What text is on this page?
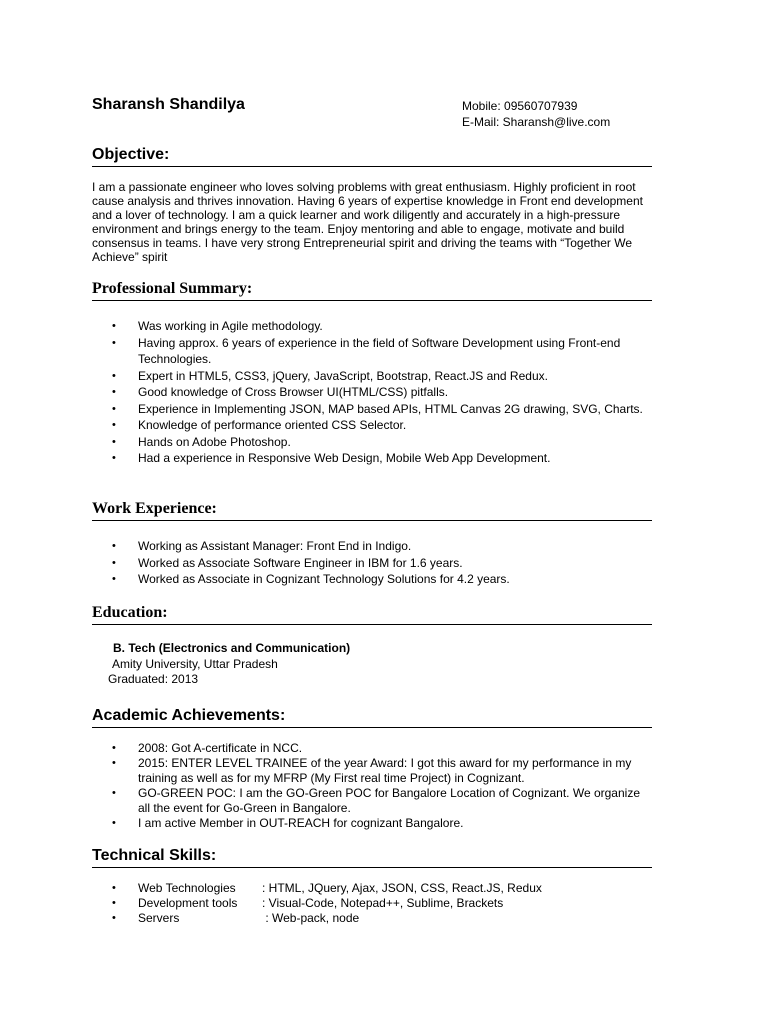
Sharansh Shandilya	Mobile: 09560707939
E-Mail: Sharansh@live.com
Objective:
I am a passionate engineer who loves solving problems with great enthusiasm. Highly proficient in root cause analysis and thrives innovation. Having 6 years of expertise knowledge in Front end development and a lover of technology. I am a quick learner and work diligently and accurately in a high-pressure environment and brings energy to the team. Enjoy mentoring and able to engage, motivate and build consensus in teams. I have very strong Entrepreneurial spirit and driving the teams with “Together We Achieve” spirit
Professional Summary:
• Was working in Agile methodology.
• Having approx. 6 years of experience in the field of Software Development using Front-end Technologies.
• Expert in HTML5, CSS3, jQuery, JavaScript, Bootstrap, React.JS and Redux.
• Good knowledge of Cross Browser UI(HTML/CSS) pitfalls.
• Experience in Implementing JSON, MAP based APIs, HTML Canvas 2G drawing, SVG, Charts.
• Knowledge of performance oriented CSS Selector.
• Hands on Adobe Photoshop.
• Had a experience in Responsive Web Design, Mobile Web App Development.
Work Experience:
• Working as Assistant Manager: Front End in Indigo.
• Worked as Associate Software Engineer in IBM for 1.6 years.
• Worked as Associate in Cognizant Technology Solutions for 4.2 years.
Education:
B. Tech (Electronics and Communication)
Amity University, Uttar Pradesh
Graduated: 2013
Academic Achievements:
• 2008: Got A-certificate in NCC.
• 2015: ENTER LEVEL TRAINEE of the year Award: I got this award for my performance in my training as well as for my MFRP (My First real time Project) in Cognizant.
• GO-GREEN POC: I am the GO-Green POC for Bangalore Location of Cognizant. We organize all the event for Go-Green in Bangalore.
• I am active Member in OUT-REACH for cognizant Bangalore.
Technical Skills:
• Web Technologies	: HTML, JQuery, Ajax, JSON, CSS, React.JS, Redux
• Development tools	: Visual-Code, Notepad++, Sublime, Brackets
• Servers	: Web-pack, node
